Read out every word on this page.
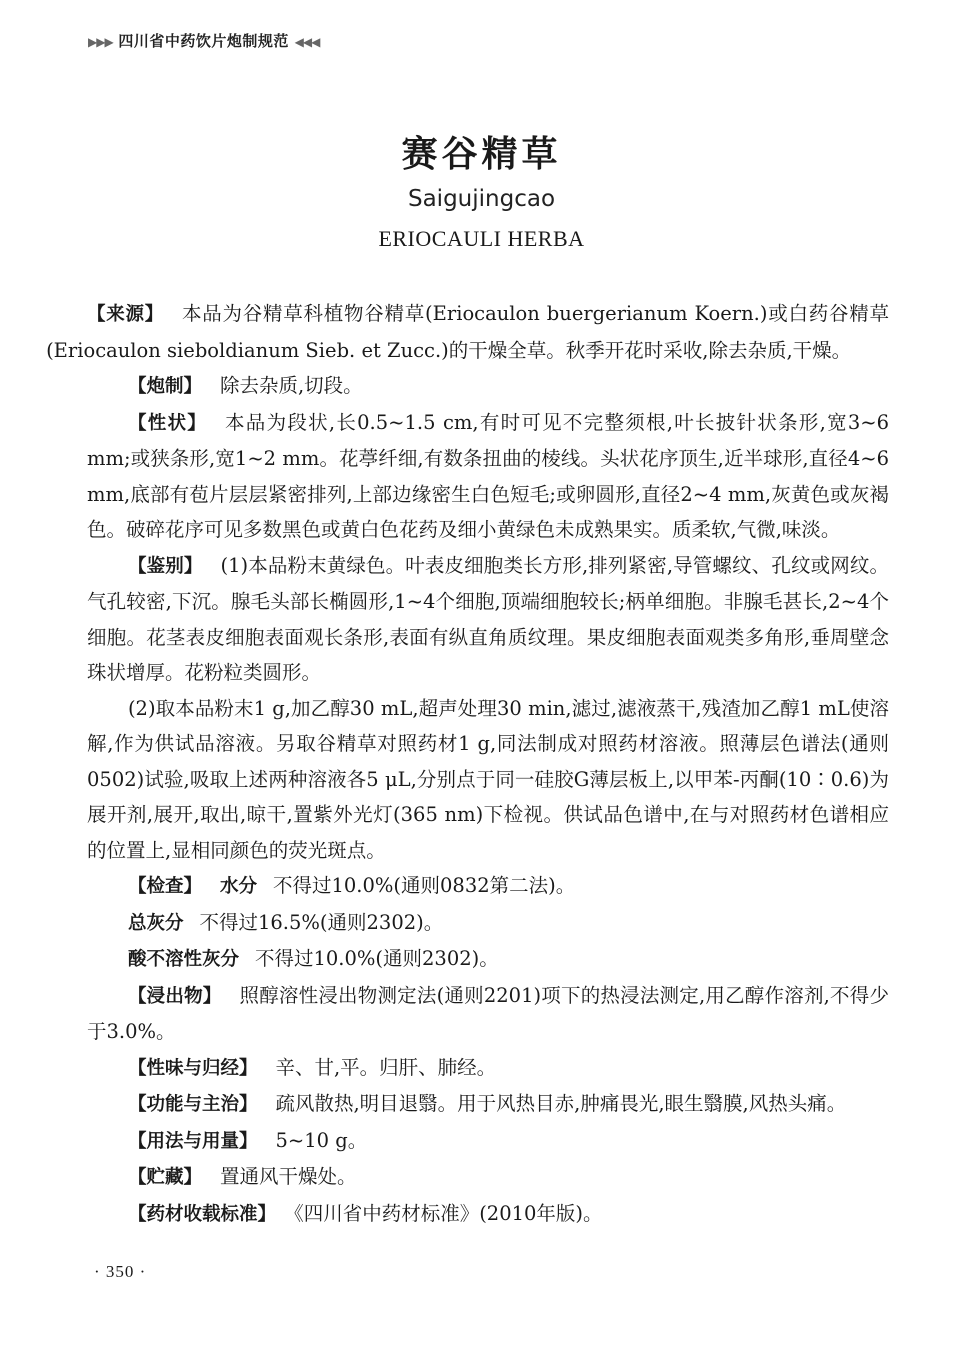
▶▶▶ 四川省中药饮片炮制规范 ◀◀◀
赛谷精草
Saigujingcao
ERIOCAULI HERBA

【来源】 本品为谷精草科植物谷精草(Eriocaulon buergerianum Koern.)或白药谷精草(Eriocaulon sieboldianum Sieb. et Zucc.)的干燥全草。秋季开花时采收,除去杂质,干燥。

【炮制】 除去杂质,切段。

【性状】 本品为段状,长0.5~1.5 cm,有时可见不完整须根,叶长披针状条形,宽3~6 mm;或狭条形,宽1~2 mm。花葶纤细,有数条扭曲的棱线。头状花序顶生,近半球形,直径4~6 mm,底部有苞片层层紧密排列,上部边缘密生白色短毛;或卵圆形,直径2~4 mm,灰黄色或灰褐色。破碎花序可见多数黑色或黄白色花药及细小黄绿色未成熟果实。质柔软,气微,味淡。

【鉴别】 (1)本品粉末黄绿色。叶表皮细胞类长方形,排列紧密,导管螺纹、孔纹或网纹。气孔较密,下沉。腺毛头部长椭圆形,1~4个细胞,顶端细胞较长;柄单细胞。非腺毛甚长,2~4个细胞。花茎表皮细胞表面观长条形,表面有纵直角质纹理。果皮细胞表面观类多角形,垂周壁念珠状增厚。花粉粒类圆形。

(2)取本品粉末1 g,加乙醇30 mL,超声处理30 min,滤过,滤液蒸干,残渣加乙醇1 mL使溶解,作为供试品溶液。另取谷精草对照药材1 g,同法制成对照药材溶液。照薄层色谱法(通则0502)试验,吸取上述两种溶液各5 μL,分别点于同一硅胶G薄层板上,以甲苯-丙酮(10∶0.6)为展开剂,展开,取出,晾干,置紫外光灯(365 nm)下检视。供试品色谱中,在与对照药材色谱相应的位置上,显相同颜色的荧光斑点。

【检查】 水分 不得过10.0%(通则0832第二法)。

总灰分 不得过16.5%(通则2302)。

酸不溶性灰分 不得过10.0%(通则2302)。

【浸出物】 照醇溶性浸出物测定法(通则2201)项下的热浸法测定,用乙醇作溶剂,不得少于3.0%。

【性味与归经】 辛、甘,平。归肝、肺经。

【功能与主治】 疏风散热,明目退翳。用于风热目赤,肿痛畏光,眼生翳膜,风热头痛。

【用法与用量】 5~10 g。

【贮藏】 置通风干燥处。

【药材收载标准】 《四川省中药材标准》(2010年版)。

· 350 ·
